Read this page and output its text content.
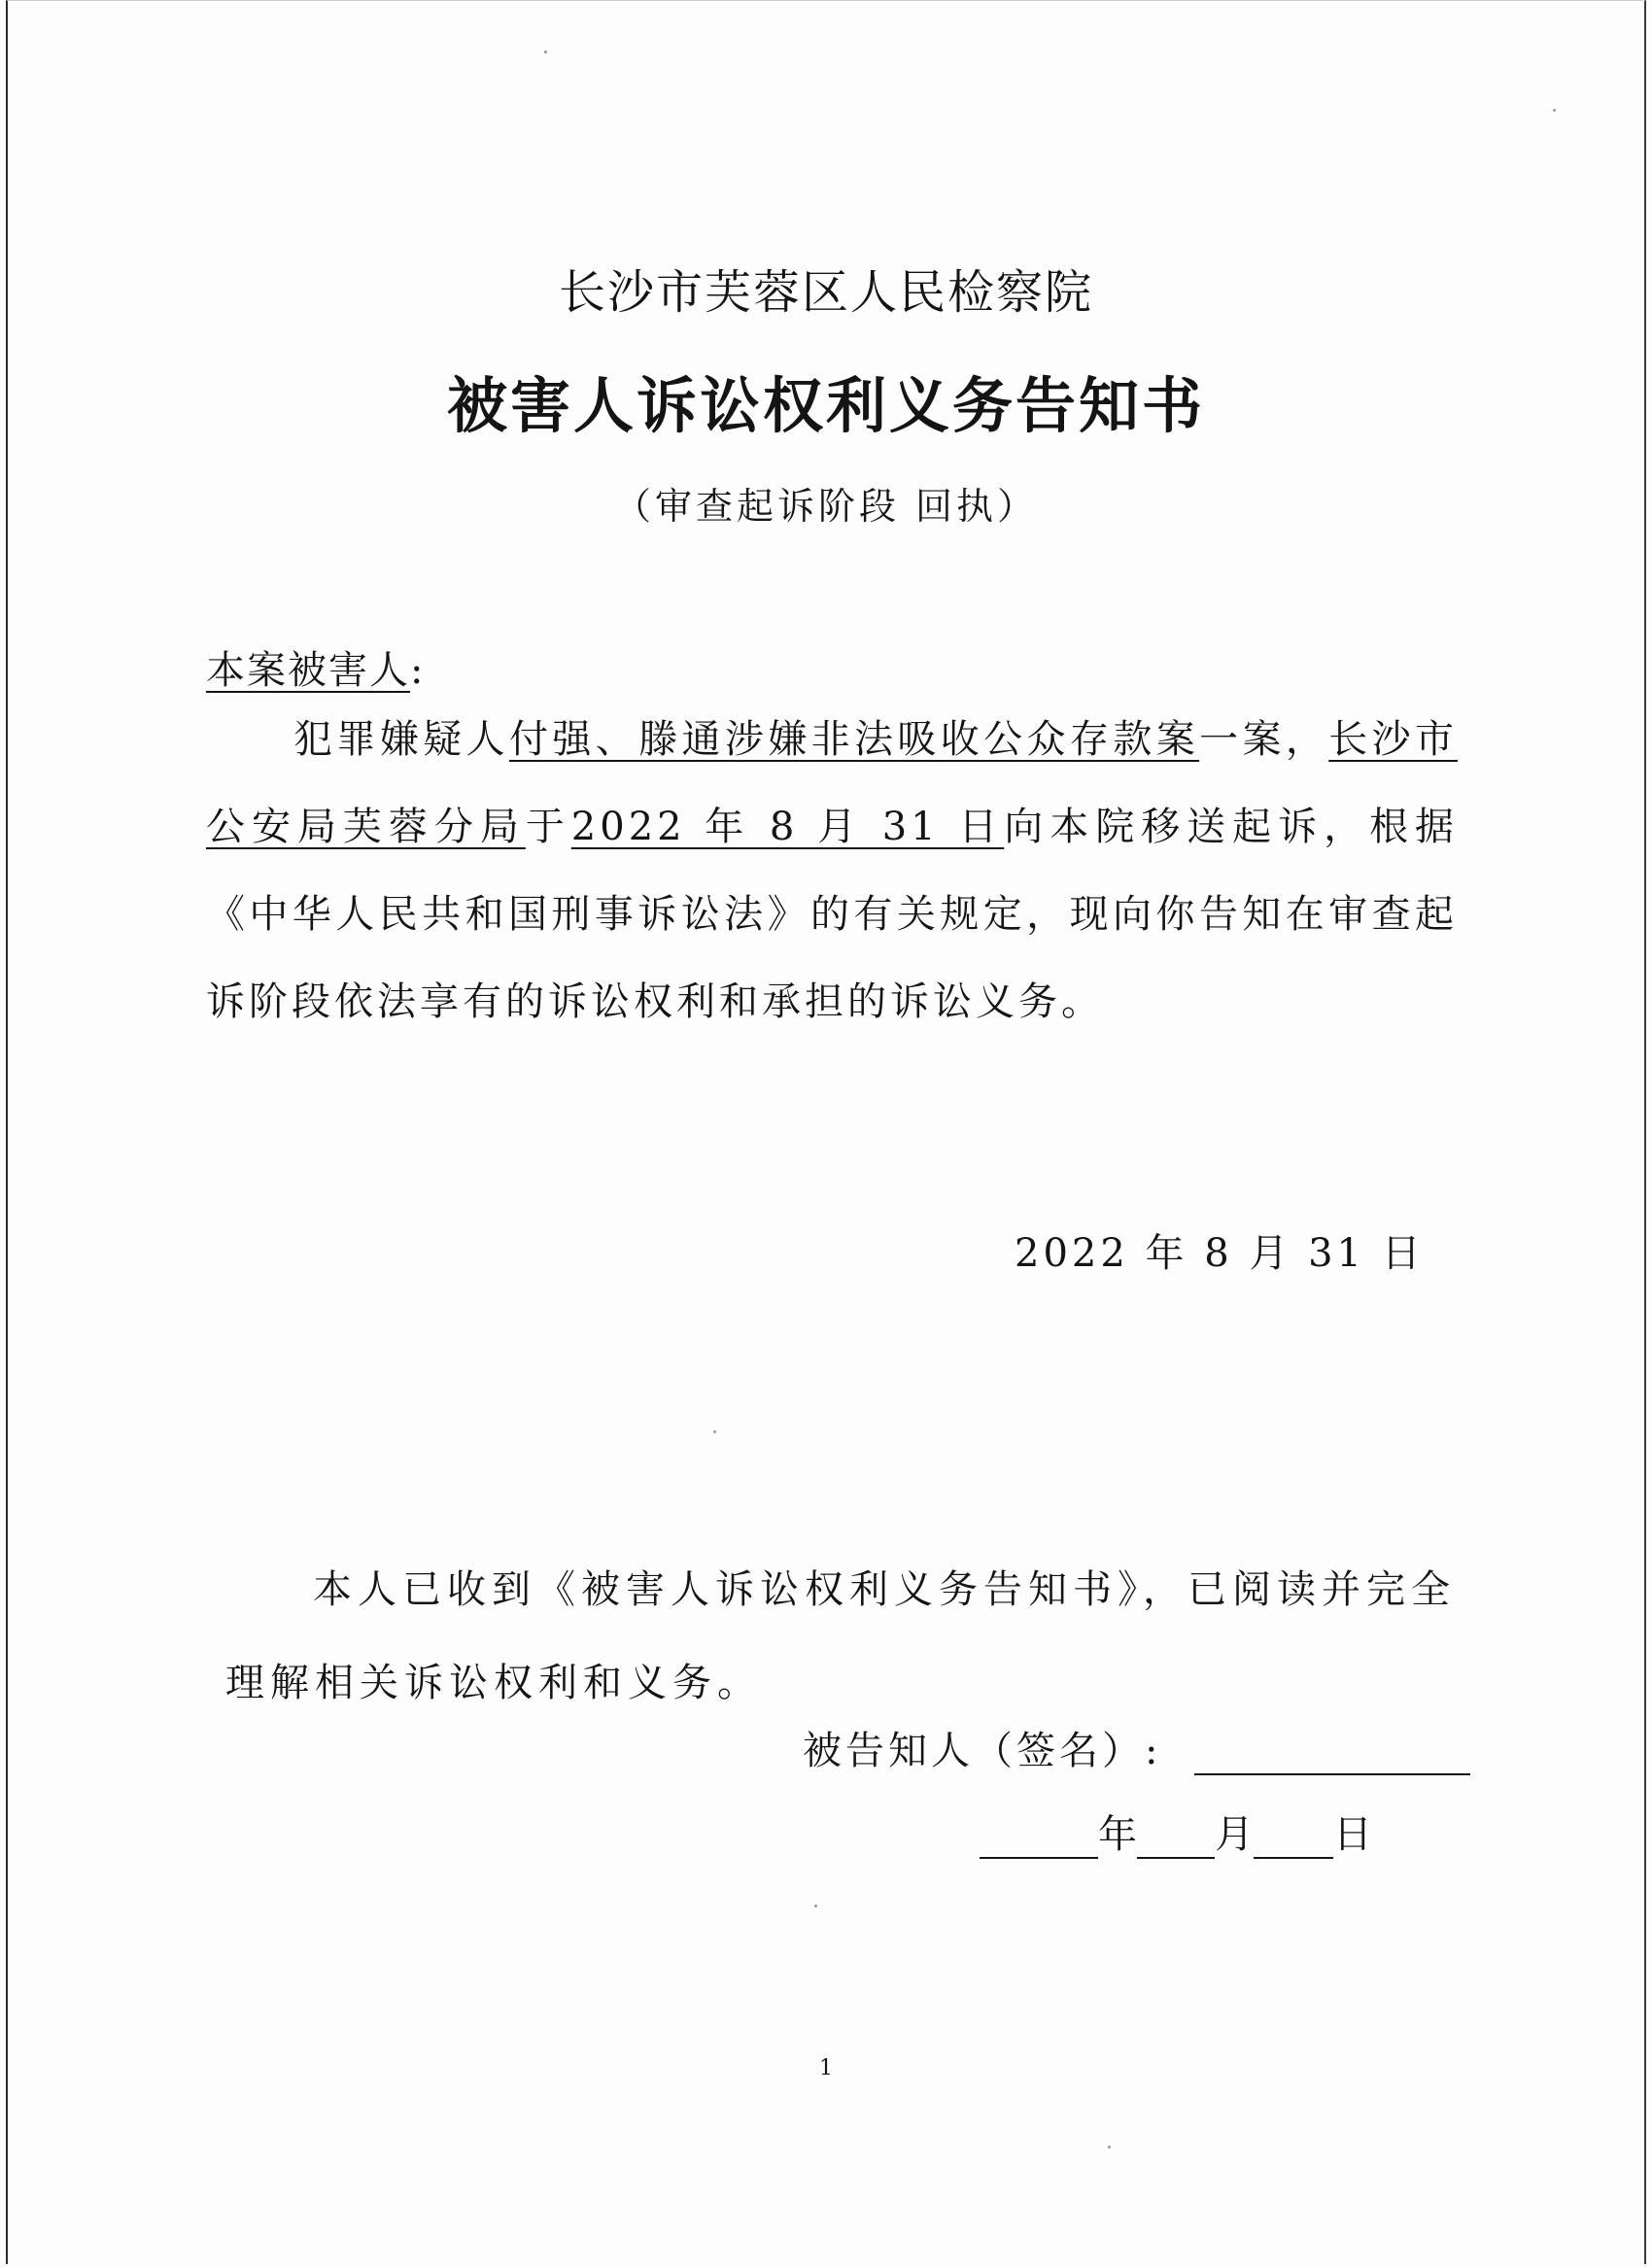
长沙市芙蓉区人民检察院
被害人诉讼权利义务告知书
（审查起诉阶段 回执）
本案被害人:
犯罪嫌疑人付强、滕通涉嫌非法吸收公众存款案一案，长沙市公安局芙蓉分局于2022 年 8 月 31 日向本院移送起诉，根据《中华人民共和国刑事诉讼法》的有关规定，现向你告知在审查起诉阶段依法享有的诉讼权利和承担的诉讼义务。
2022 年 8 月 31 日
本人已收到《被害人诉讼权利义务告知书》，已阅读并完全理解相关诉讼权利和义务。
被告知人（签名）:
年 月 日
1
